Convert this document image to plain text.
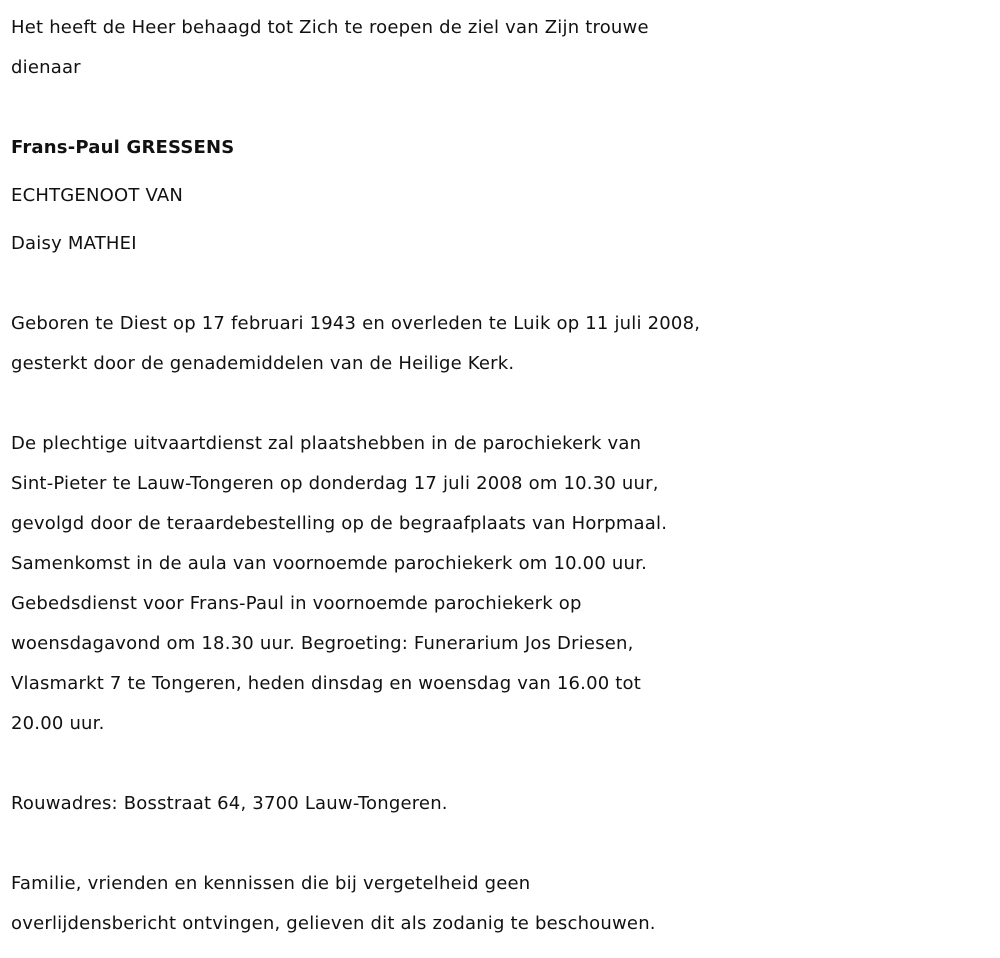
Het heeft de Heer behaagd tot Zich te roepen de ziel van Zijn trouwe
dienaar
Frans-Paul GRESSENS
ECHTGENOOT VAN
Daisy MATHEI
Geboren te Diest op 17 februari 1943 en overleden te Luik op 11 juli 2008,
gesterkt door de genademiddelen van de Heilige Kerk.
De plechtige uitvaartdienst zal plaatshebben in de parochiekerk van
Sint-Pieter te Lauw-Tongeren op donderdag 17 juli 2008 om 10.30 uur,
gevolgd door de teraardebestelling op de begraafplaats van Horpmaal.
Samenkomst in de aula van voornoemde parochiekerk om 10.00 uur.
Gebedsdienst voor Frans-Paul in voornoemde parochiekerk op
woensdagavond om 18.30 uur. Begroeting: Funerarium Jos Driesen,
Vlasmarkt 7 te Tongeren, heden dinsdag en woensdag van 16.00 tot
20.00 uur.
Rouwadres: Bosstraat 64, 3700 Lauw-Tongeren.
Familie, vrienden en kennissen die bij vergetelheid geen
overlijdensbericht ontvingen, gelieven dit als zodanig te beschouwen.
